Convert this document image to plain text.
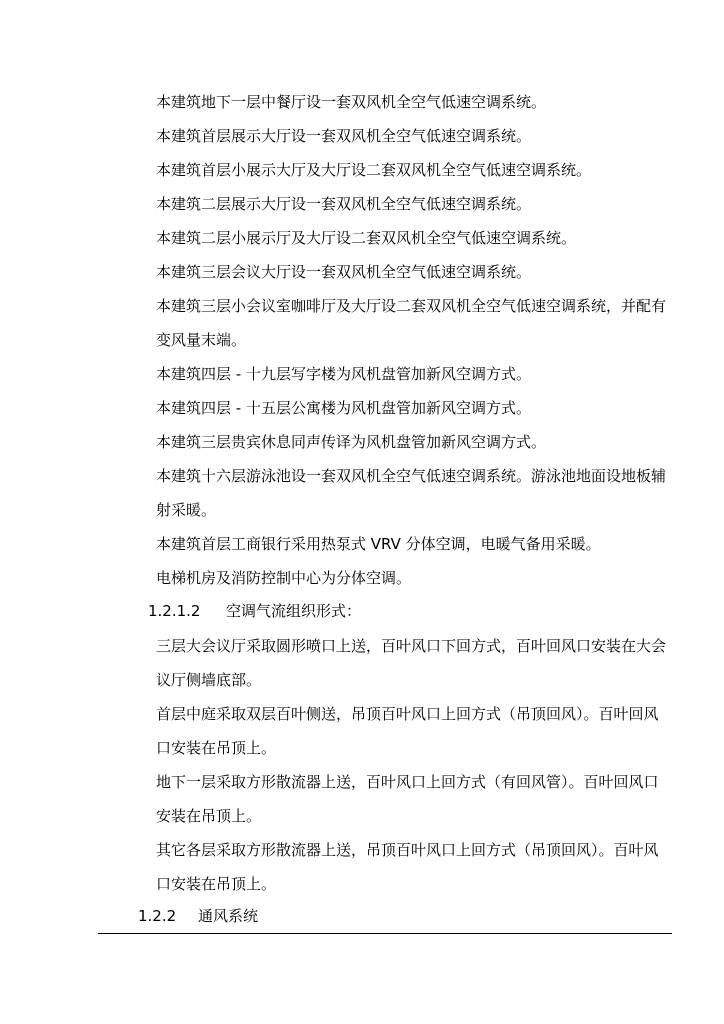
本建筑地下一层中餐厅设一套双风机全空气低速空调系统。
本建筑首层展示大厅设一套双风机全空气低速空调系统。
本建筑首层小展示大厅及大厅设二套双风机全空气低速空调系统。
本建筑二层展示大厅设一套双风机全空气低速空调系统。
本建筑二层小展示厅及大厅设二套双风机全空气低速空调系统。
本建筑三层会议大厅设一套双风机全空气低速空调系统。
本建筑三层小会议室咖啡厅及大厅设二套双风机全空气低速空调系统，并配有
变风量末端。
本建筑四层 - 十九层写字楼为风机盘管加新风空调方式。
本建筑四层 - 十五层公寓楼为风机盘管加新风空调方式。
本建筑三层贵宾休息同声传译为风机盘管加新风空调方式。
本建筑十六层游泳池设一套双风机全空气低速空调系统。游泳池地面设地板辅
射采暖。
本建筑首层工商银行采用热泵式 VRV 分体空调，电暖气备用采暖。
电梯机房及消防控制中心为分体空调。
1.2.1.2 空调气流组织形式：
三层大会议厅采取圆形喷口上送，百叶风口下回方式，百叶回风口安装在大会
议厅侧墙底部。
首层中庭采取双层百叶侧送，吊顶百叶风口上回方式（吊顶回风）。百叶回风
口安装在吊顶上。
地下一层采取方形散流器上送，百叶风口上回方式（有回风管）。百叶回风口
安装在吊顶上。
其它各层采取方形散流器上送，吊顶百叶风口上回方式（吊顶回风）。百叶风
口安装在吊顶上。
1.2.2 通风系统
